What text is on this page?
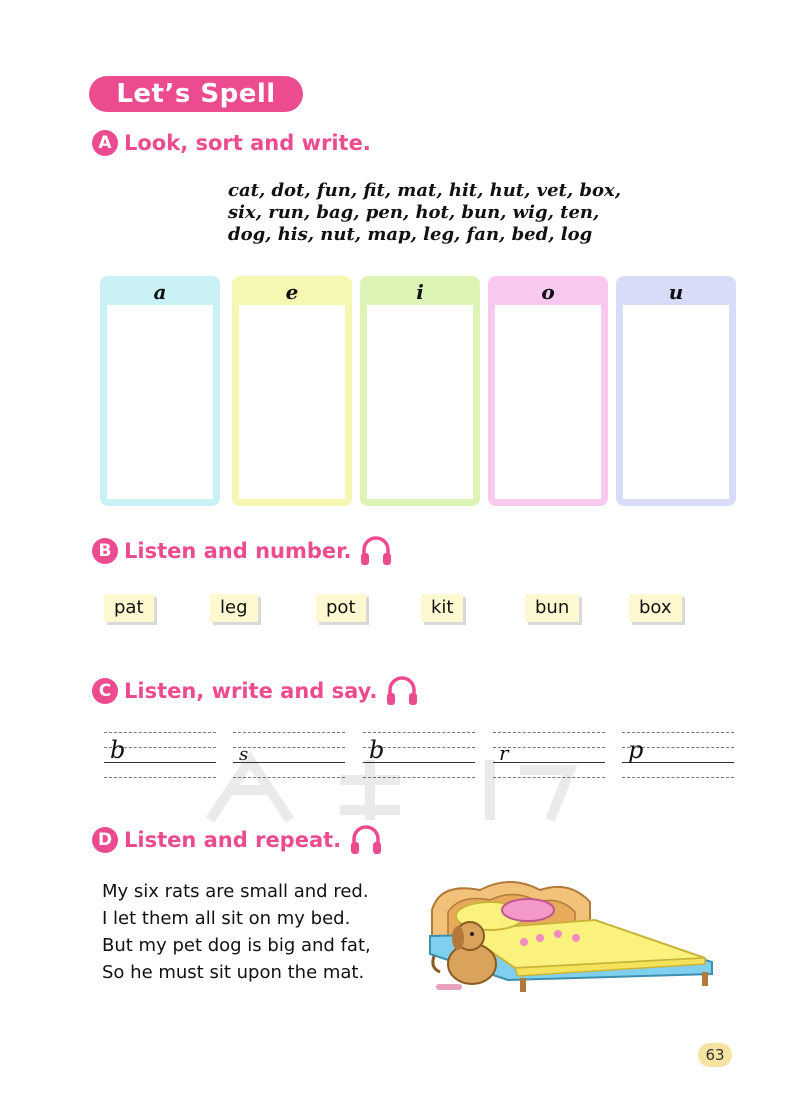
Let’s Spell
A Look, sort and write.
cat, dot, fun, fit, mat, hit, hut, vet, box,
six, run, bag, pen, hot, bun, wig, ten,
dog, his, nut, map, leg, fan, bed, log
a	e	i	o	u
B Listen and number.
pat	leg	pot	kit	bun	box
C Listen, write and say.
b	s	b	r	p
D Listen and repeat.
My six rats are small and red.
I let them all sit on my bed.
But my pet dog is big and fat,
So he must sit upon the mat.
63
